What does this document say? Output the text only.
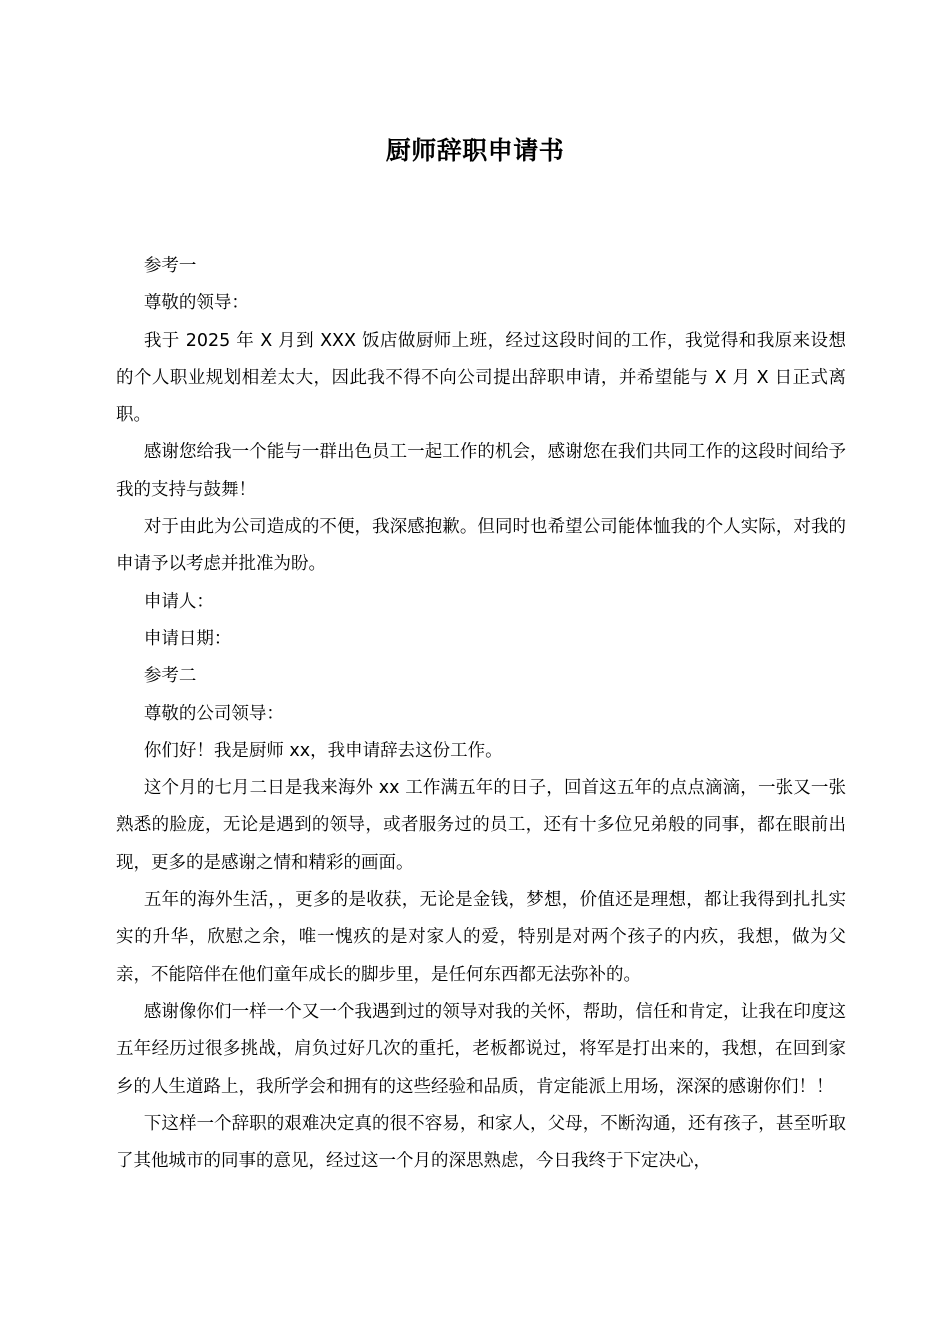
厨师辞职申请书

参考一

尊敬的领导：

我于 2025 年 X 月到 XXX 饭店做厨师上班，经过这段时间的工作，我觉得和我原来设想的个人职业规划相差太大，因此我不得不向公司提出辞职申请，并希望能与 X 月 X 日正式离职。

感谢您给我一个能与一群出色员工一起工作的机会，感谢您在我们共同工作的这段时间给予我的支持与鼓舞！

对于由此为公司造成的不便，我深感抱歉。但同时也希望公司能体恤我的个人实际，对我的申请予以考虑并批准为盼。

申请人：

申请日期：

参考二

尊敬的公司领导：

你们好！我是厨师 xx，我申请辞去这份工作。

这个月的七月二日是我来海外 xx 工作满五年的日子，回首这五年的点点滴滴，一张又一张熟悉的脸庞，无论是遇到的领导，或者服务过的员工，还有十多位兄弟般的同事，都在眼前出现，更多的是感谢之情和精彩的画面。

五年的海外生活，，更多的是收获，无论是金钱，梦想，价值还是理想，都让我得到扎扎实实的升华，欣慰之余，唯一愧疚的是对家人的爱，特别是对两个孩子的内疚，我想，做为父亲，不能陪伴在他们童年成长的脚步里，是任何东西都无法弥补的。

感谢像你们一样一个又一个我遇到过的领导对我的关怀，帮助，信任和肯定，让我在印度这五年经历过很多挑战，肩负过好几次的重托，老板都说过，将军是打出来的，我想，在回到家乡的人生道路上，我所学会和拥有的这些经验和品质，肯定能派上用场，深深的感谢你们！！

下这样一个辞职的艰难决定真的很不容易，和家人，父母，不断沟通，还有孩子，甚至听取了其他城市的同事的意见，经过这一个月的深思熟虑，今日我终于下定决心，
